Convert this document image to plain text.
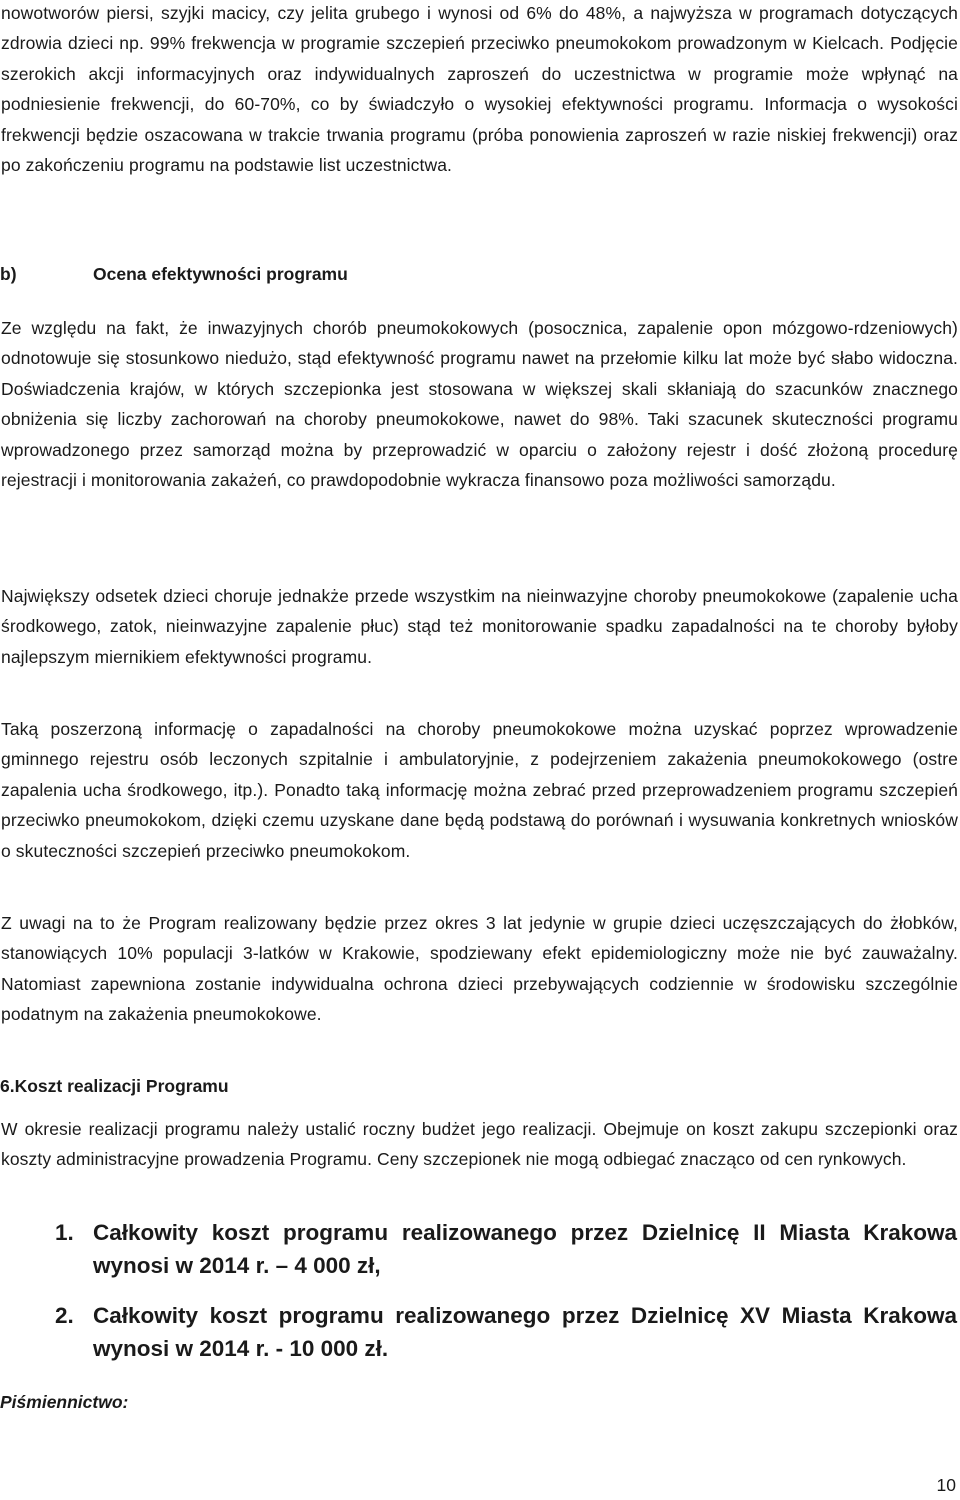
nowotworów piersi, szyjki macicy, czy jelita grubego i wynosi od 6% do 48%, a najwyższa w programach dotyczących zdrowia dzieci np. 99% frekwencja w programie szczepień przeciwko pneumokokom prowadzonym w Kielcach. Podjęcie szerokich akcji informacyjnych oraz indywidualnych zaproszeń do uczestnictwa w programie może wpłynąć na podniesienie frekwencji, do 60-70%, co by świadczyło o wysokiej efektywności programu. Informacja o wysokości frekwencji będzie oszacowana w trakcie trwania programu (próba ponowienia zaproszeń w razie niskiej frekwencji) oraz po zakończeniu programu na podstawie list uczestnictwa.

b)	Ocena efektywności programu

Ze względu na fakt, że inwazyjnych chorób pneumokokowych (posocznica, zapalenie opon mózgowo-rdzeniowych) odnotowuje się stosunkowo niedużo, stąd efektywność programu nawet na przełomie kilku lat może być słabo widoczna. Doświadczenia krajów, w których szczepionka jest stosowana w większej skali skłaniają do szacunków znacznego obniżenia się liczby zachorowań na choroby pneumokokowe, nawet do 98%. Taki szacunek skuteczności programu wprowadzonego przez samorząd można by przeprowadzić w oparciu o założony rejestr i dość złożoną procedurę rejestracji i monitorowania zakażeń, co prawdopodobnie wykracza finansowo poza możliwości samorządu.

Największy odsetek dzieci choruje jednakże przede wszystkim na nieinwazyjne choroby pneumokokowe (zapalenie ucha środkowego, zatok, nieinwazyjne zapalenie płuc) stąd też monitorowanie spadku zapadalności na te choroby byłoby najlepszym miernikiem efektywności programu.

Taką poszerzoną informację o zapadalności na choroby pneumokokowe można uzyskać poprzez wprowadzenie gminnego rejestru osób leczonych szpitalnie i ambulatoryjnie, z podejrzeniem zakażenia pneumokokowego (ostre zapalenia ucha środkowego, itp.). Ponadto taką informację można zebrać przed przeprowadzeniem programu szczepień przeciwko pneumokokom, dzięki czemu uzyskane dane będą podstawą do porównań i wysuwania konkretnych wniosków o skuteczności szczepień przeciwko pneumokokom.

Z uwagi na to że Program realizowany będzie przez okres 3 lat jedynie w grupie dzieci uczęszczających do żłobków, stanowiących 10% populacji 3-latków w Krakowie, spodziewany efekt epidemiologiczny może nie być zauważalny. Natomiast zapewniona zostanie indywidualna ochrona dzieci przebywających codziennie w środowisku szczególnie podatnym na zakażenia pneumokokowe.

6.Koszt realizacji Programu

W okresie realizacji programu należy ustalić roczny budżet jego realizacji. Obejmuje on koszt zakupu szczepionki oraz koszty administracyjne prowadzenia Programu. Ceny szczepionek nie mogą odbiegać znacząco od cen rynkowych.

1. Całkowity koszt programu realizowanego przez Dzielnicę II Miasta Krakowa wynosi w 2014 r. – 4 000 zł,
2. Całkowity koszt programu realizowanego przez Dzielnicę XV Miasta Krakowa wynosi w 2014 r. - 10 000 zł.
Piśmiennictwo:
10
